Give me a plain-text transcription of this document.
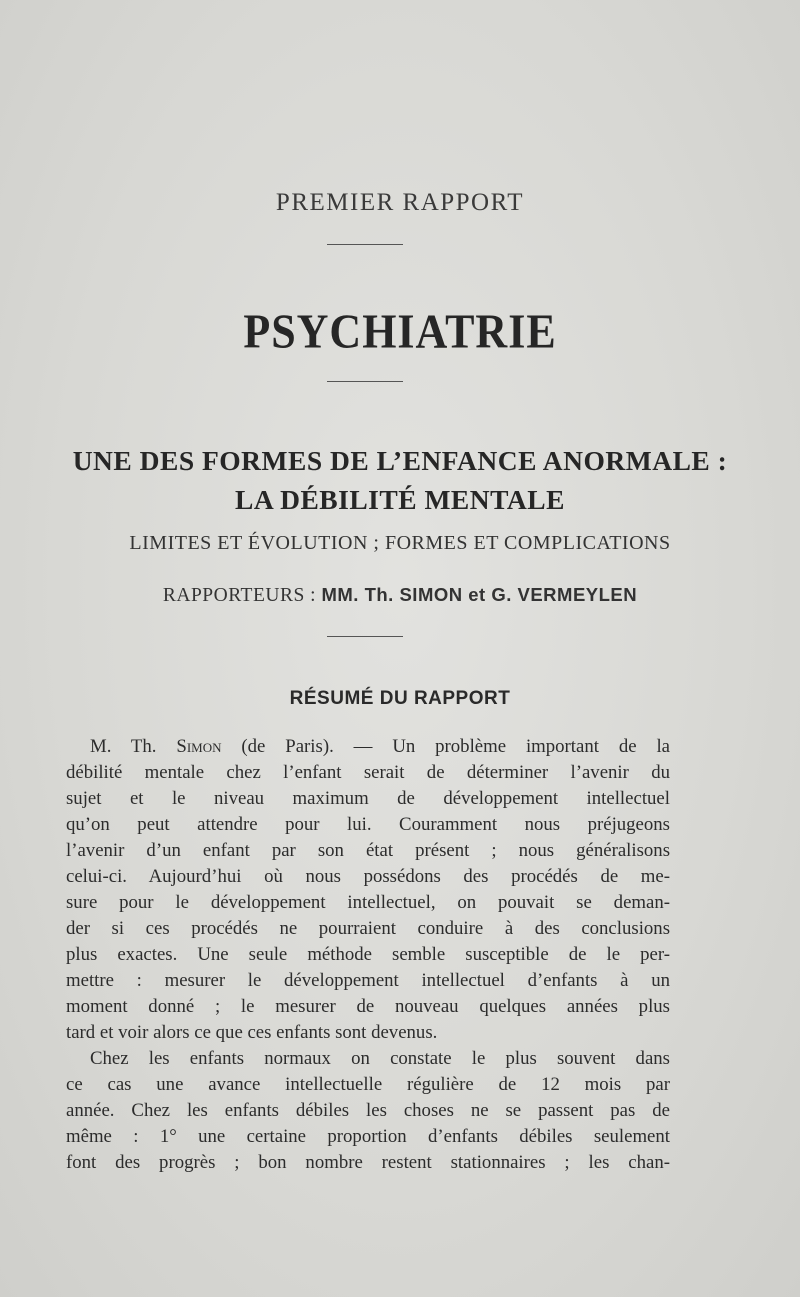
PREMIER RAPPORT
PSYCHIATRIE
UNE DES FORMES DE L’ENFANCE ANORMALE :
LA DÉBILITÉ MENTALE
LIMITES ET ÉVOLUTION ; FORMES ET COMPLICATIONS
RAPPORTEURS : MM. Th. SIMON et G. VERMEYLEN
RÉSUMÉ DU RAPPORT
M. Th. Simon (de Paris). — Un problème important de la
débilité mentale chez l’enfant serait de déterminer l’avenir du
sujet et le niveau maximum de développement intellectuel
qu’on peut attendre pour lui. Couramment nous préjugeons
l’avenir d’un enfant par son état présent ; nous généralisons
celui-ci. Aujourd’hui où nous possédons des procédés de me-
sure pour le développement intellectuel, on pouvait se deman-
der si ces procédés ne pourraient conduire à des conclusions
plus exactes. Une seule méthode semble susceptible de le per-
mettre : mesurer le développement intellectuel d’enfants à un
moment donné ; le mesurer de nouveau quelques années plus
tard et voir alors ce que ces enfants sont devenus.
Chez les enfants normaux on constate le plus souvent dans
ce cas une avance intellectuelle régulière de 12 mois par
année. Chez les enfants débiles les choses ne se passent pas de
même : 1° une certaine proportion d’enfants débiles seulement
font des progrès ; bon nombre restent stationnaires ; les chan-
